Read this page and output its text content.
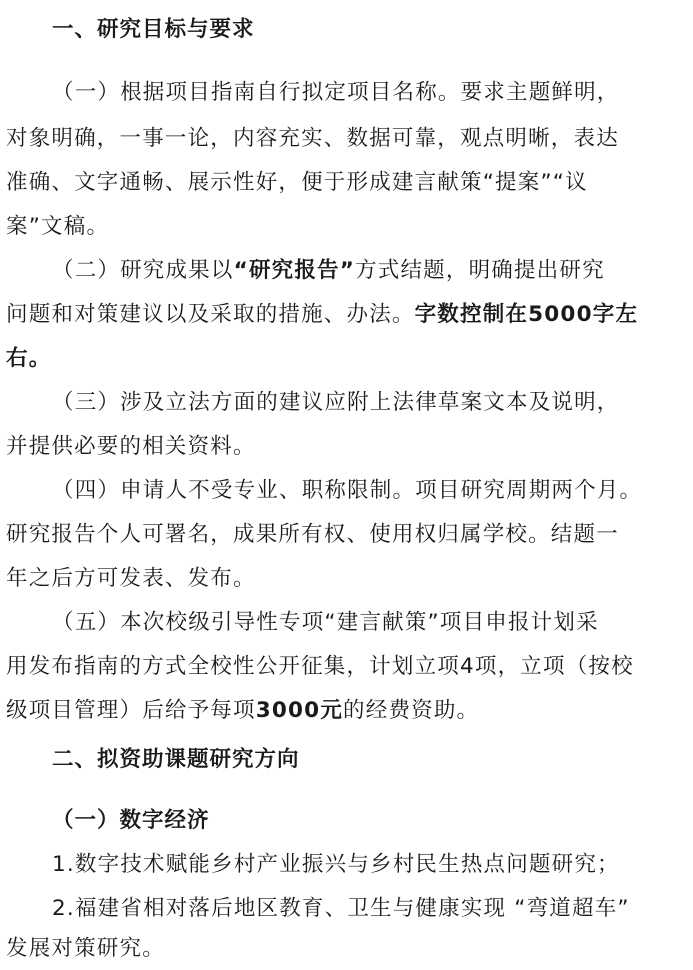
一、研究目标与要求
（一）根据项目指南自行拟定项目名称。要求主题鲜明，
对象明确，一事一论，内容充实、数据可靠，观点明晰，表达
准确、文字通畅、展示性好，便于形成建言献策“提案”“议
案”文稿。
（二）研究成果以“研究报告”方式结题，明确提出研究
问题和对策建议以及采取的措施、办法。字数控制在5000字左
右。
（三）涉及立法方面的建议应附上法律草案文本及说明，
并提供必要的相关资料。
（四）申请人不受专业、职称限制。项目研究周期两个月。
研究报告个人可署名，成果所有权、使用权归属学校。结题一
年之后方可发表、发布。
（五）本次校级引导性专项“建言献策”项目申报计划采
用发布指南的方式全校性公开征集，计划立项4项，立项（按校
级项目管理）后给予每项3000元的经费资助。
二、拟资助课题研究方向
（一）数字经济
1.数字技术赋能乡村产业振兴与乡村民生热点问题研究；
2.福建省相对落后地区教育、卫生与健康实现 “弯道超车”
发展对策研究。
